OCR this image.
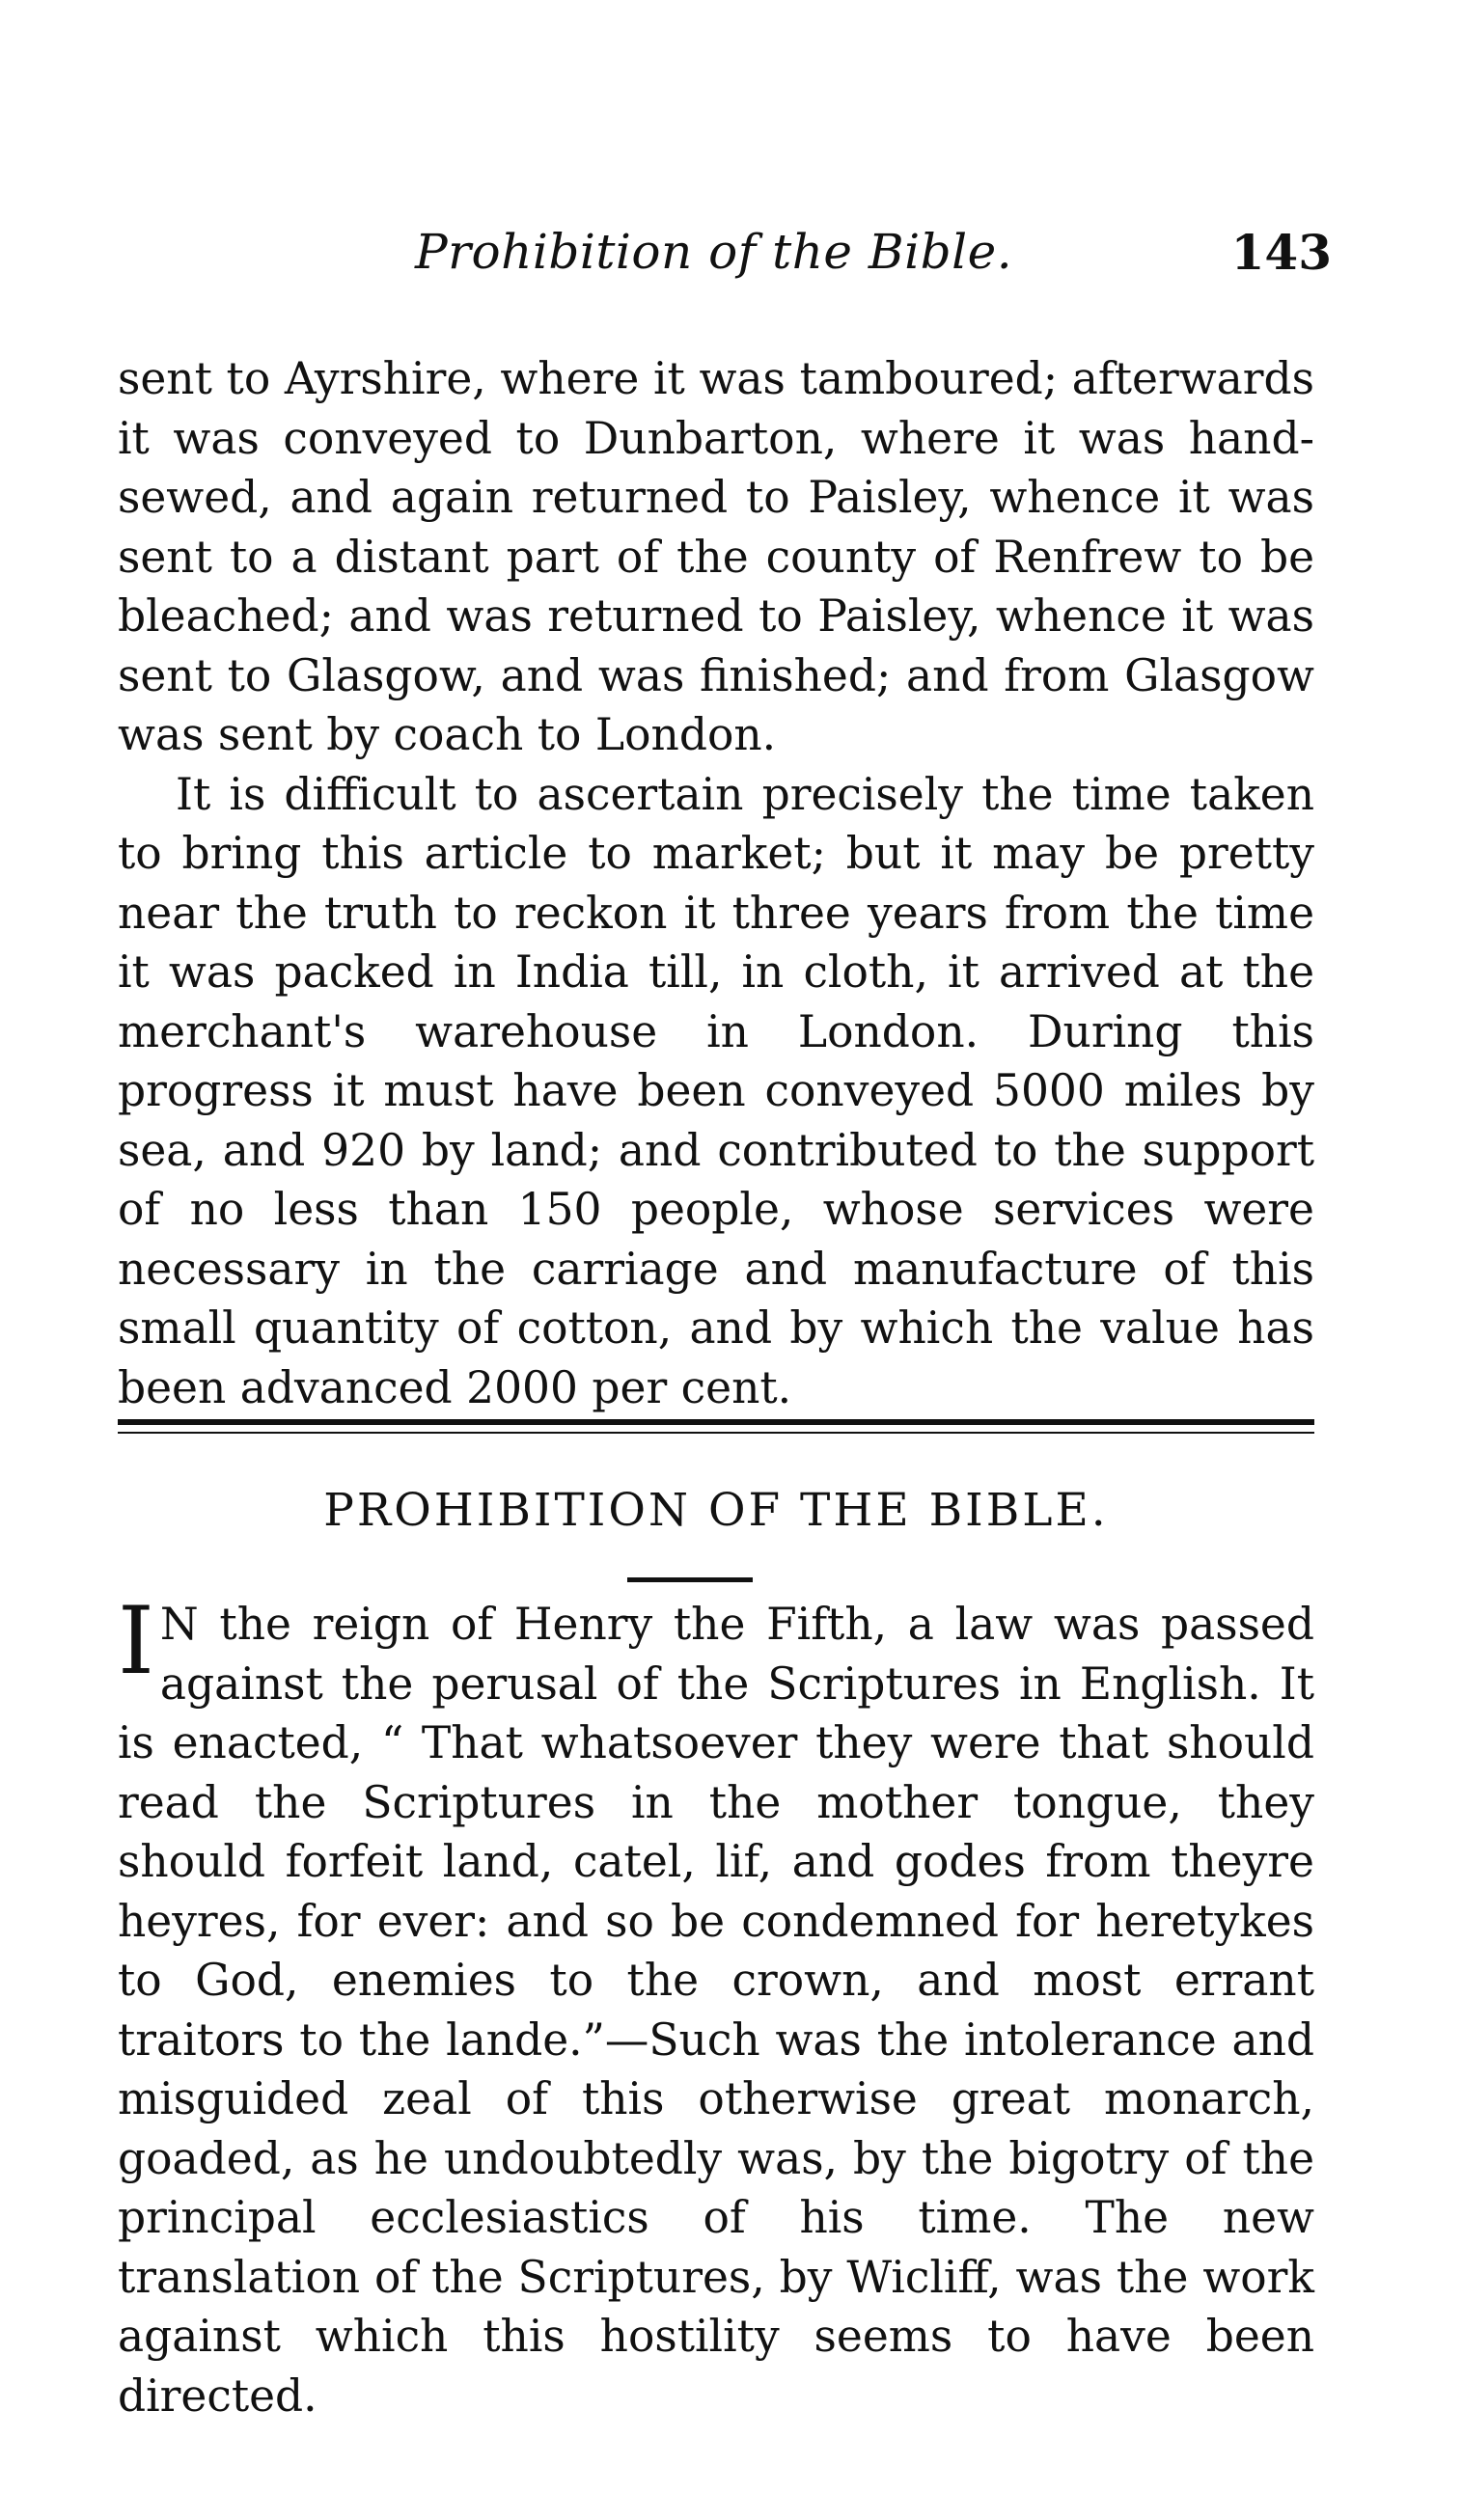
Prohibition of the Bible.	143

sent to Ayrshire, where it was tamboured; afterwards it was conveyed to Dunbarton, where it was hand-sewed, and again returned to Paisley, whence it was sent to a distant part of the county of Renfrew to be bleached; and was returned to Paisley, whence it was sent to Glasgow, and was finished; and from Glasgow was sent by coach to London.

It is difficult to ascertain precisely the time taken to bring this article to market; but it may be pretty near the truth to reckon it three years from the time it was packed in India till, in cloth, it arrived at the merchant's warehouse in London. During this progress it must have been conveyed 5000 miles by sea, and 920 by land; and contributed to the support of no less than 150 people, whose services were necessary in the carriage and manufacture of this small quantity of cotton, and by which the value has been advanced 2000 per cent.

PROHIBITION OF THE BIBLE.

I N the reign of Henry the Fifth, a law was passed against the perusal of the Scriptures in English. It is enacted, “ That whatsoever they were that should read the Scriptures in the mother tongue, they should forfeit land, catel, lif, and godes from theyre heyres, for ever: and so be condemned for heretykes to God, enemies to the crown, and most errant traitors to the lande.”—Such was the intolerance and misguided zeal of this otherwise great monarch, goaded, as he undoubtedly was, by the bigotry of the principal ecclesiastics of his time. The new translation of the Scriptures, by Wicliff, was the work against which this hostility seems to have been directed.
